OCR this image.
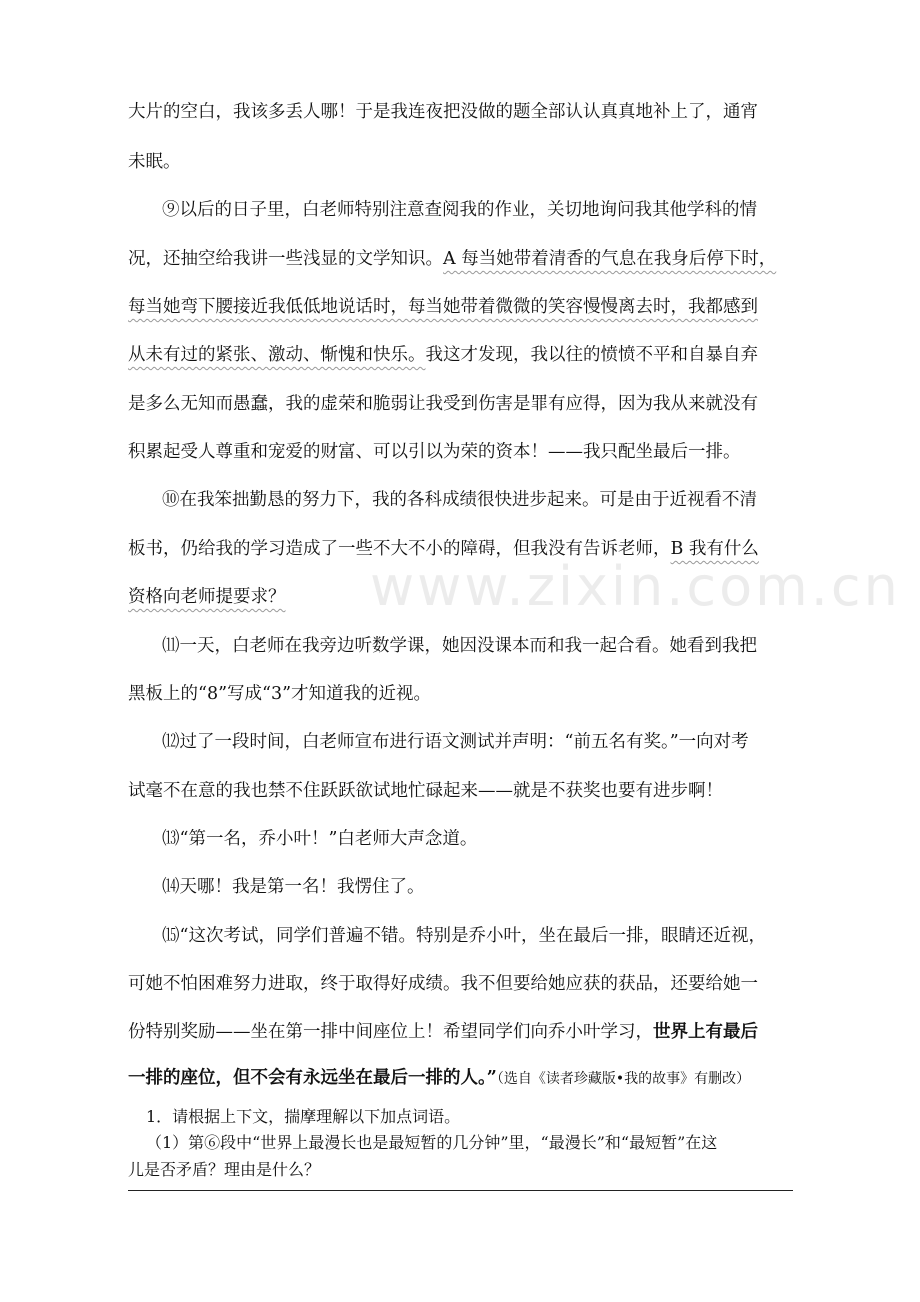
www.zixin.com.cn
大片的空白，我该多丢人哪！于是我连夜把没做的题全部认认真真地补上了，通宵
未眠。
⑨以后的日子里，白老师特别注意查阅我的作业，关切地询问我其他学科的情
况，还抽空给我讲一些浅显的文学知识。A 每当她带着清香的气息在我身后停下时，
每当她弯下腰接近我低低地说话时，每当她带着微微的笑容慢慢离去时，我都感到
从未有过的紧张、激动、惭愧和快乐。我这才发现，我以往的愤愤不平和自暴自弃
是多么无知而愚蠢，我的虚荣和脆弱让我受到伤害是罪有应得，因为我从来就没有
积累起受人尊重和宠爱的财富、可以引以为荣的资本！——我只配坐最后一排。
⑩在我笨拙勤恳的努力下，我的各科成绩很快进步起来。可是由于近视看不清
板书，仍给我的学习造成了一些不大不小的障碍，但我没有告诉老师，B 我有什么
资格向老师提要求？
⑾一天，白老师在我旁边听数学课，她因没课本而和我一起合看。她看到我把
黑板上的“8”写成“3”才知道我的近视。
⑿过了一段时间，白老师宣布进行语文测试并声明：“前五名有奖。”一向对考
试毫不在意的我也禁不住跃跃欲试地忙碌起来——就是不获奖也要有进步啊！
⒀“第一名，乔小叶！”白老师大声念道。
⒁天哪！我是第一名！我愣住了。
⒂“这次考试，同学们普遍不错。特别是乔小叶，坐在最后一排，眼睛还近视，
可她不怕困难努力进取，终于取得好成绩。我不但要给她应获的获品，还要给她一
份特别奖励——坐在第一排中间座位上！希望同学们向乔小叶学习，世界上有最后
一排的座位，但不会有永远坐在最后一排的人。”（选自《读者珍藏版•我的故事》有删改）
1．请根据上下文，揣摩理解以下加点词语。
（1）第⑥段中“世界上最漫长也是最短暂的几分钟”里，“最漫长”和“最短暂”在这
儿是否矛盾？理由是什么？
